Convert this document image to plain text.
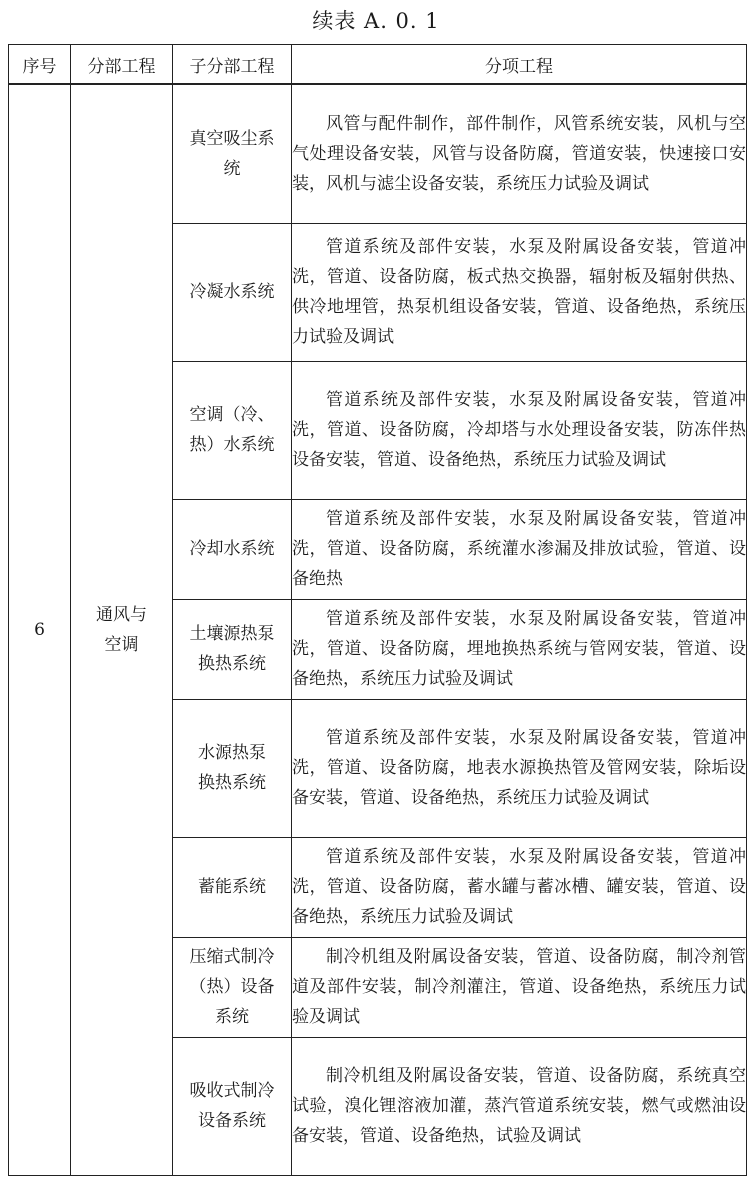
续表 A. 0. 1
序号	分部工程	子分部工程	分项工程
6	通风与空调	真空吸尘系统	风管与配件制作，部件制作，风管系统安装，风机与空气处理设备安装，风管与设备防腐，管道安装，快速接口安装，风机与滤尘设备安装，系统压力试验及调试

		冷凝水系统	管道系统及部件安装，水泵及附属设备安装，管道冲洗，管道、设备防腐，板式热交换器，辐射板及辐射供热、供冷地埋管，热泵机组设备安装，管道、设备绝热，系统压力试验及调试

		空调（冷、热）水系统	管道系统及部件安装，水泵及附属设备安装，管道冲洗，管道、设备防腐，冷却塔与水处理设备安装，防冻伴热设备安装，管道、设备绝热，系统压力试验及调试

		冷却水系统	管道系统及部件安装，水泵及附属设备安装，管道冲洗，管道、设备防腐，系统灌水渗漏及排放试验，管道、设备绝热

		土壤源热泵换热系统	管道系统及部件安装，水泵及附属设备安装，管道冲洗，管道、设备防腐，埋地换热系统与管网安装，管道、设备绝热，系统压力试验及调试

		水源热泵换热系统	管道系统及部件安装，水泵及附属设备安装，管道冲洗，管道、设备防腐，地表水源换热管及管网安装，除垢设备安装，管道、设备绝热，系统压力试验及调试

		蓄能系统	管道系统及部件安装，水泵及附属设备安装，管道冲洗，管道、设备防腐，蓄水罐与蓄冰槽、罐安装，管道、设备绝热，系统压力试验及调试

		压缩式制冷（热）设备系统	制冷机组及附属设备安装，管道、设备防腐，制冷剂管道及部件安装，制冷剂灌注，管道、设备绝热，系统压力试验及调试

		吸收式制冷设备系统	制冷机组及附属设备安装，管道、设备防腐，系统真空试验，溴化锂溶液加灌，蒸汽管道系统安装，燃气或燃油设备安装，管道、设备绝热，试验及调试
